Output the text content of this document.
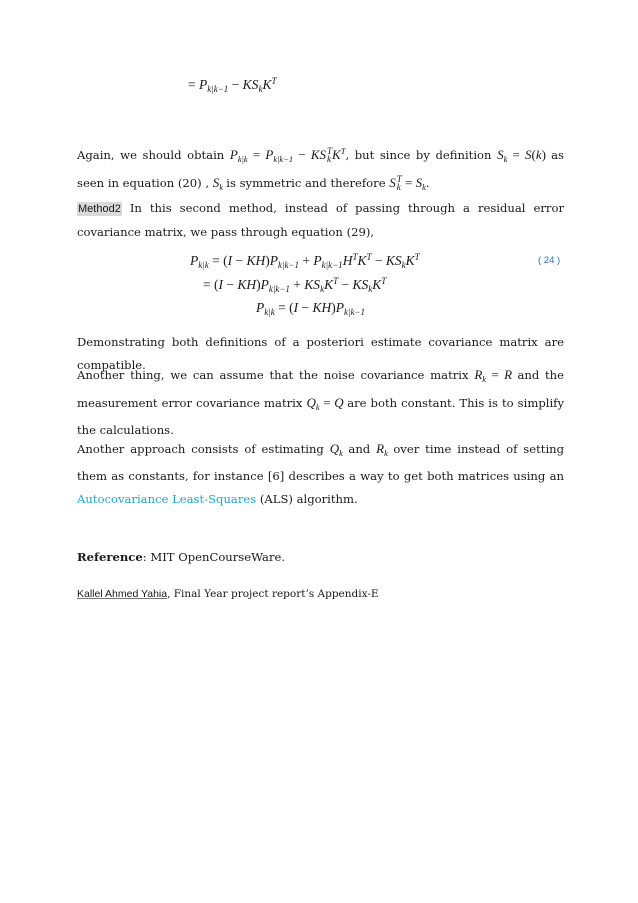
= $P_{k|k-1} - KS_kK^T$
Again, we should obtain $P_{k|k} = P_{k|k-1}$ − KS T
k $K^T$, but since by definition $S_k = S(k)$ as seen in equation (20) , $S_k$ is symmetric and therefore S T
$k = S_k$.
Method2 In this second method, instead of passing through a residual error covariance matrix, we pass through equation (29),
$P_{k|k} = (I - KH)P_{k|k-1} + P_{k|k-1}H^TK^T - KS_kK^T$	( 24 )
= $(I - KH)P_{k|k-1} + KS_kK^T - KS_kK^T$
$P_{k|k} = (I - KH)P_{k|k-1}$
Demonstrating both definitions of a posteriori estimate covariance matrix are compatible.
Another thing, we can assume that the noise covariance matrix $R_k = R$ and the measurement error covariance matrix $Q_k = Q$ are both constant. This is to simplify the calculations.
Another approach consists of estimating $Q_k$ and $R_k$ over time instead of setting them as constants, for instance [6] describes a way to get both matrices using an Autocovariance Least-Squares (ALS) algorithm.
Reference: MIT OpenCourseWare.
Kallel Ahmed Yahia, Final Year project report’s Appendix-E
